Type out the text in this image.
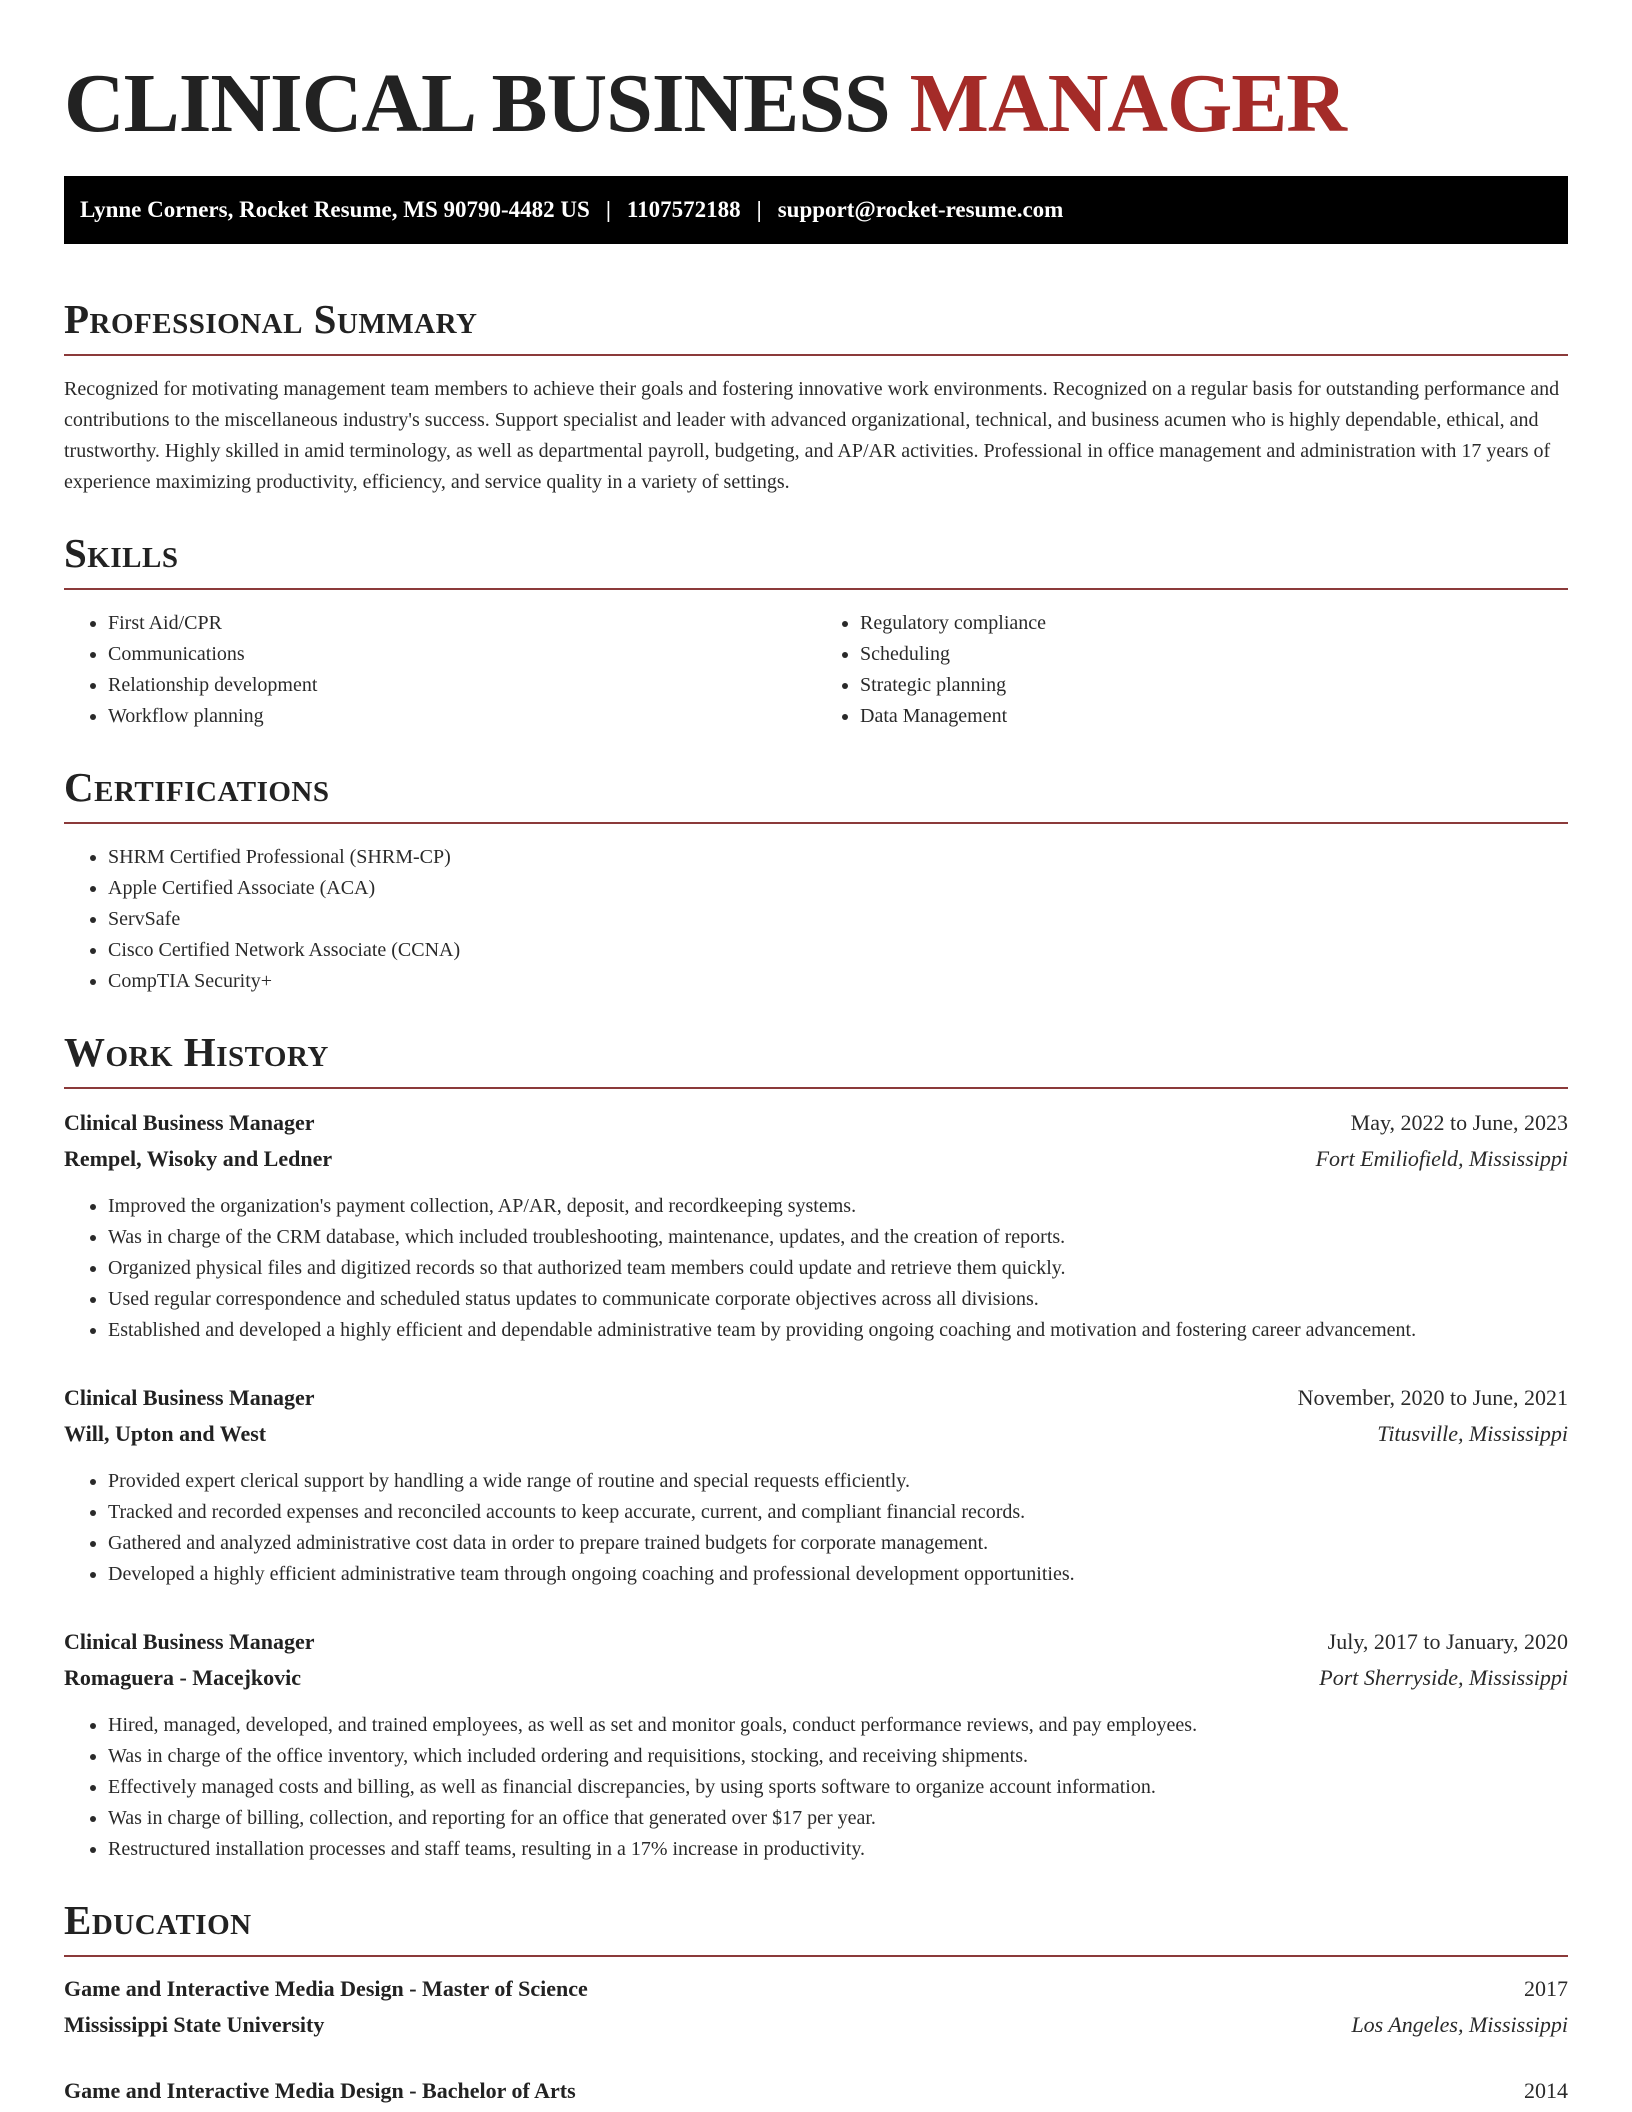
CLINICAL BUSINESS MANAGER
Lynne Corners, Rocket Resume, MS 90790-4482 US | 1107572188 | support@rocket-resume.com
Professional Summary

Recognized for motivating management team members to achieve their goals and fostering innovative work environments. Recognized on a regular basis for outstanding performance and contributions to the miscellaneous industry's success. Support specialist and leader with advanced organizational, technical, and business acumen who is highly dependable, ethical, and trustworthy. Highly skilled in amid terminology, as well as departmental payroll, budgeting, and AP/AR activities. Professional in office management and administration with 17 years of experience maximizing productivity, efficiency, and service quality in a variety of settings.

Skills
• First Aid/CPR
• Communications
• Relationship development
• Workflow planning
• Regulatory compliance
• Scheduling
• Strategic planning
• Data Management
Certifications
• SHRM Certified Professional (SHRM-CP)
• Apple Certified Associate (ACA)
• ServSafe
• Cisco Certified Network Associate (CCNA)
• CompTIA Security+
Work History
Clinical Business Manager	May, 2022 to June, 2023
Rempel, Wisoky and Ledner	Fort Emiliofield, Mississippi
• Improved the organization's payment collection, AP/AR, deposit, and recordkeeping systems.
• Was in charge of the CRM database, which included troubleshooting, maintenance, updates, and the creation of reports.
• Organized physical files and digitized records so that authorized team members could update and retrieve them quickly.
• Used regular correspondence and scheduled status updates to communicate corporate objectives across all divisions.
• Established and developed a highly efficient and dependable administrative team by providing ongoing coaching and motivation and fostering career advancement.
Clinical Business Manager	November, 2020 to June, 2021
Will, Upton and West	Titusville, Mississippi
• Provided expert clerical support by handling a wide range of routine and special requests efficiently.
• Tracked and recorded expenses and reconciled accounts to keep accurate, current, and compliant financial records.
• Gathered and analyzed administrative cost data in order to prepare trained budgets for corporate management.
• Developed a highly efficient administrative team through ongoing coaching and professional development opportunities.
Clinical Business Manager	July, 2017 to January, 2020
Romaguera - Macejkovic	Port Sherryside, Mississippi
• Hired, managed, developed, and trained employees, as well as set and monitor goals, conduct performance reviews, and pay employees.
• Was in charge of the office inventory, which included ordering and requisitions, stocking, and receiving shipments.
• Effectively managed costs and billing, as well as financial discrepancies, by using sports software to organize account information.
• Was in charge of billing, collection, and reporting for an office that generated over $17 per year.
• Restructured installation processes and staff teams, resulting in a 17% increase in productivity.
Education
Game and Interactive Media Design - Master of Science	2017
Mississippi State University	Los Angeles, Mississippi
Game and Interactive Media Design - Bachelor of Arts	2014
